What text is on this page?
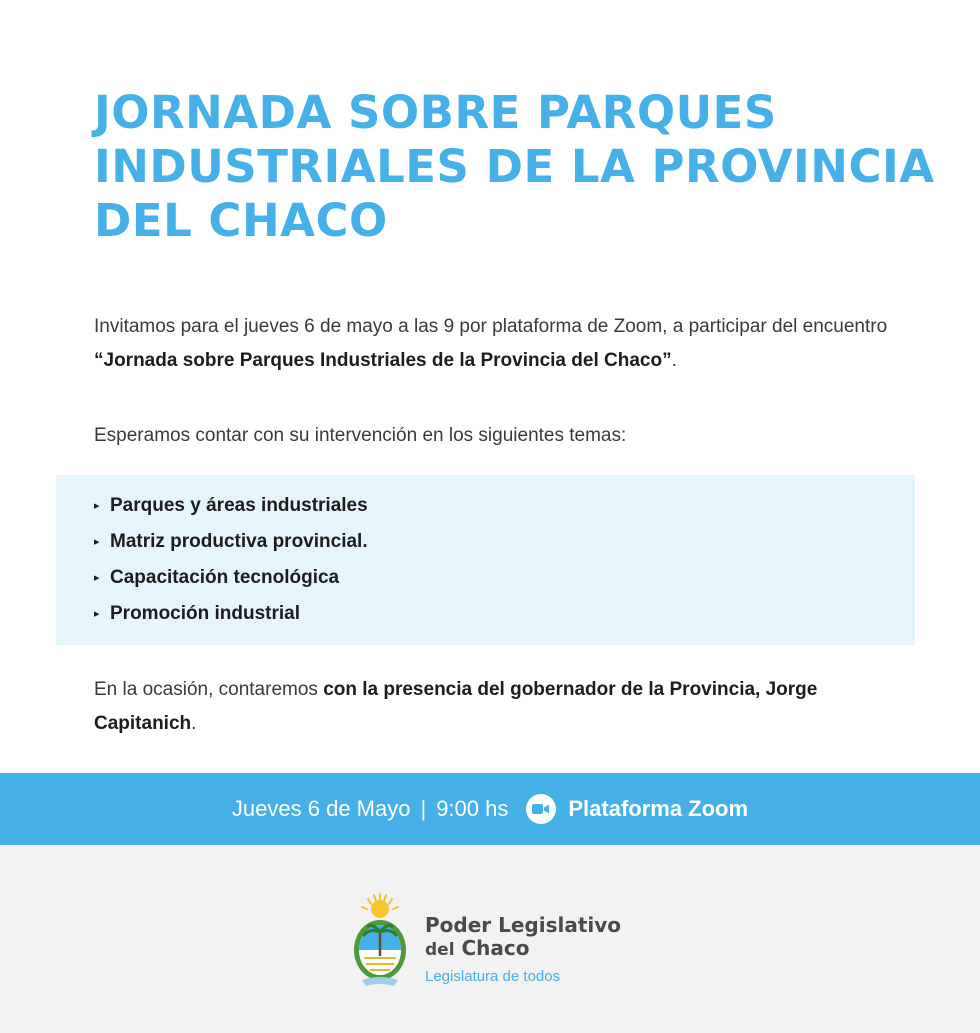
JORNADA SOBRE PARQUES
INDUSTRIALES DE LA PROVINCIA
DEL CHACO

Invitamos para el jueves 6 de mayo a las 9 por plataforma de Zoom, a participar del encuentro “Jornada sobre Parques Industriales de la Provincia del Chaco”.

Esperamos contar con su intervención en los siguientes temas:

▸ Parques y áreas industriales
▸ Matriz productiva provincial.
▸ Capacitación tecnológica
▸ Promoción industrial

En la ocasión, contaremos con la presencia del gobernador de la Provincia, Jorge Capitanich.

Jueves 6 de Mayo | 9:00 hs	Plataforma Zoom
Poder Legislativo
del Chaco
Legislatura de todos
